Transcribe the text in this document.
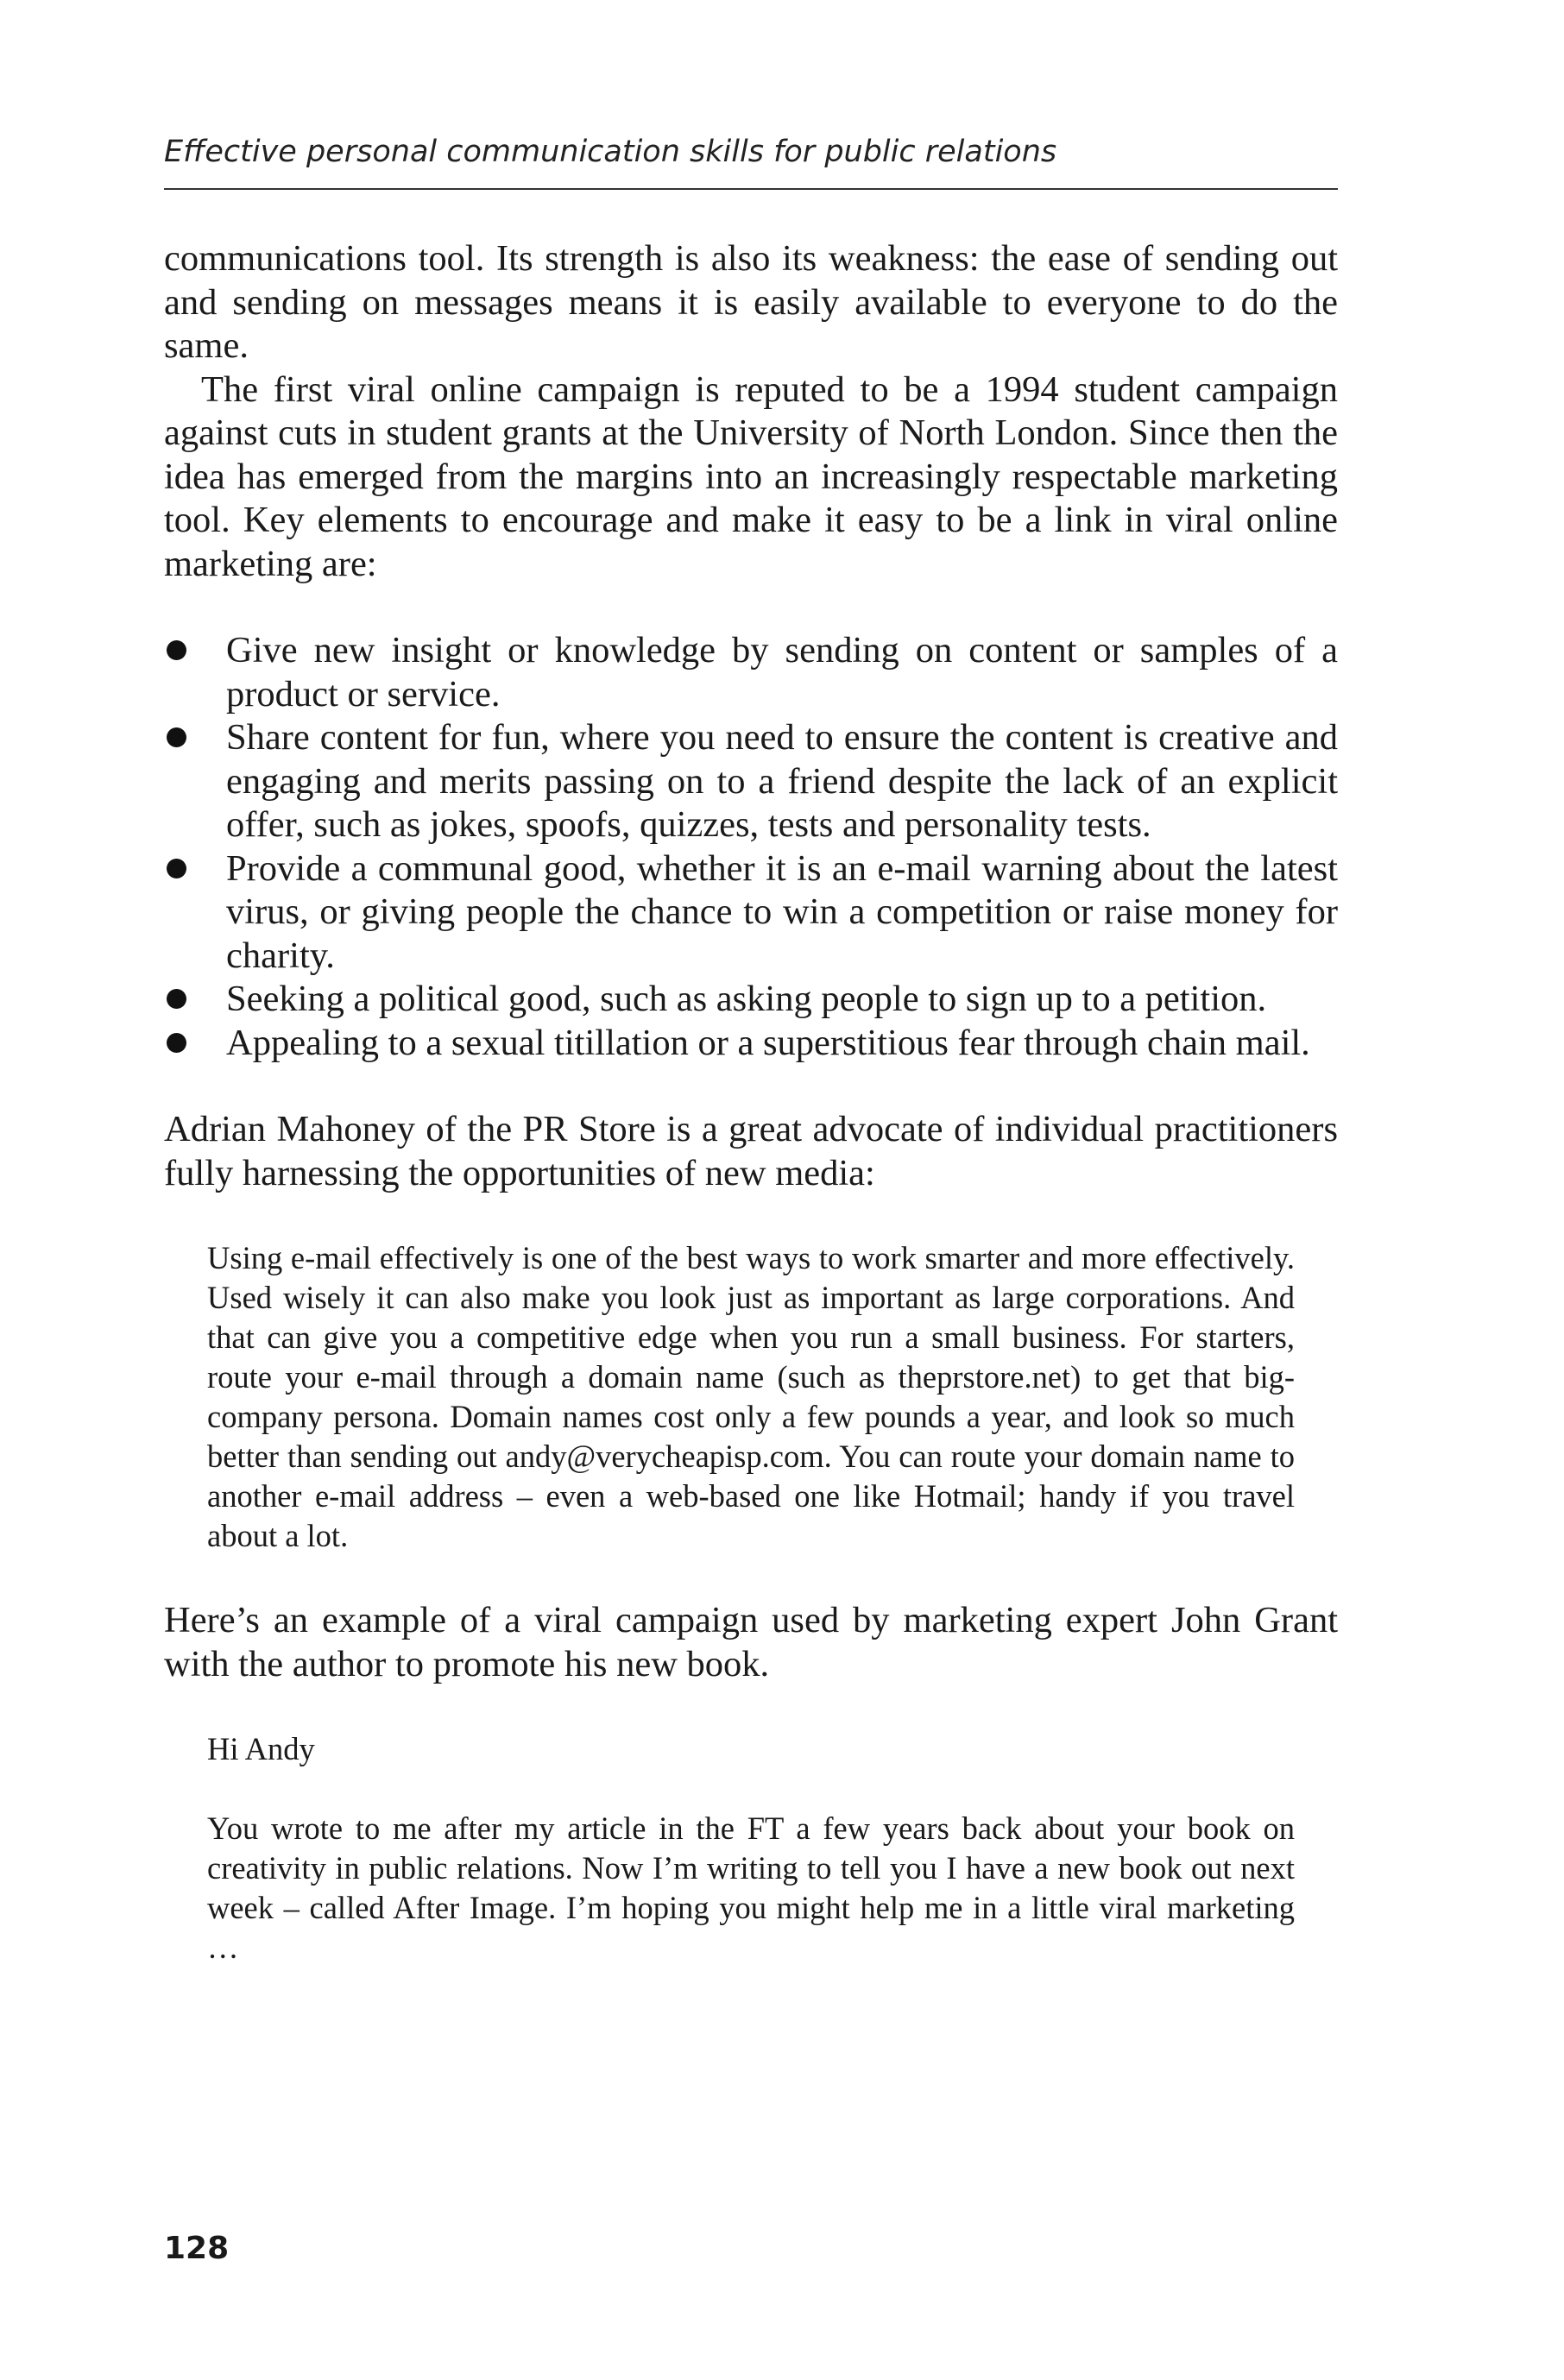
Effective personal communication skills for public relations

communications tool. Its strength is also its weakness: the ease of sending out and sending on messages means it is easily available to everyone to do the same.

The first viral online campaign is reputed to be a 1994 student campaign against cuts in student grants at the University of North London. Since then the idea has emerged from the margins into an increasingly respectable marketing tool. Key elements to encourage and make it easy to be a link in viral online marketing are:

Give new insight or knowledge by sending on content or samples of a product or service.
Share content for fun, where you need to ensure the content is creative and engaging and merits passing on to a friend despite the lack of an explicit offer, such as jokes, spoofs, quizzes, tests and personality tests.
Provide a communal good, whether it is an e-mail warning about the latest virus, or giving people the chance to win a competition or raise money for charity.
Seeking a political good, such as asking people to sign up to a petition.
Appealing to a sexual titillation or a superstitious fear through chain mail.

Adrian Mahoney of the PR Store is a great advocate of individual practitioners fully harnessing the opportunities of new media:

Using e-mail effectively is one of the best ways to work smarter and more effectively. Used wisely it can also make you look just as important as large corporations. And that can give you a competitive edge when you run a small business. For starters, route your e-mail through a domain name (such as theprstore.net) to get that big-company persona. Domain names cost only a few pounds a year, and look so much better than sending out andy@verycheapisp.com. You can route your domain name to another e-mail address – even a web-based one like Hotmail; handy if you travel about a lot.

Here’s an example of a viral campaign used by marketing expert John Grant with the author to promote his new book.

Hi Andy

You wrote to me after my article in the FT a few years back about your book on creativity in public relations. Now I’m writing to tell you I have a new book out next week – called After Image. I’m hoping you might help me in a little viral marketing …

128
